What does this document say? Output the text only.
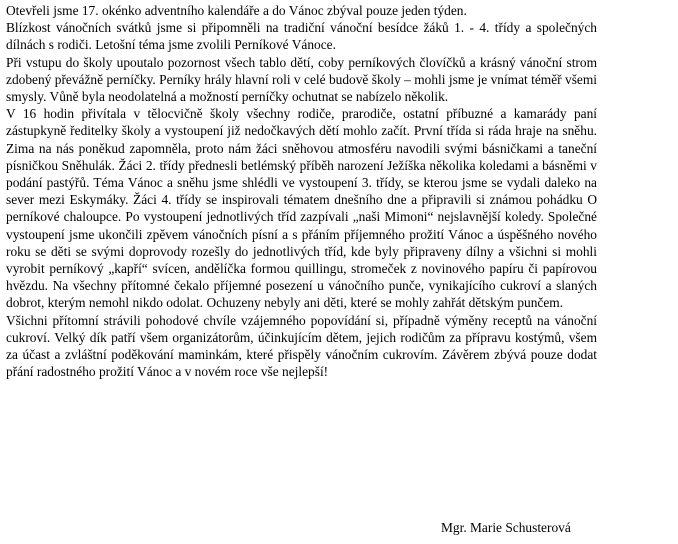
Otevřeli jsme 17. okénko adventního kalendáře a do Vánoc zbýval pouze jeden týden.

Blízkost vánočních svátků jsme si připomněli na tradiční vánoční besídce žáků 1. - 4. třídy a společných dílnách s rodiči. Letošní téma jsme zvolili Perníkové Vánoce.

Při vstupu do školy upoutalo pozornost všech tablo dětí, coby perníkových človíčků a krásný vánoční strom zdobený převážně perníčky. Perníky hrály hlavní roli v celé budově školy – mohli jsme je vnímat téměř všemi smysly. Vůně byla neodolatelná a možností perníčky ochutnat se nabízelo několik.

V 16 hodin přivítala v tělocvičně školy všechny rodiče, prarodiče, ostatní příbuzné a kamarády paní zástupkyně ředitelky školy a vystoupení již nedočkavých dětí mohlo začít. První třída si ráda hraje na sněhu. Zima na nás poněkud zapomněla, proto nám žáci sněhovou atmosféru navodili svými básničkami a taneční písničkou Sněhulák. Žáci 2. třídy přednesli betlémský příběh narození Ježíška několika koledami a básněmi v podání pastýřů. Téma Vánoc a sněhu jsme shlédli ve vystoupení 3. třídy, se kterou jsme se vydali daleko na sever mezi Eskymáky. Žáci 4. třídy se inspirovali tématem dnešního dne a připravili si známou pohádku O perníkové chaloupce. Po vystoupení jednotlivých tříd zazpívali „naši Mimoni“ nejslavnější koledy. Společné vystoupení jsme ukončili zpěvem vánočních písní a s přáním příjemného prožití Vánoc a úspěšného nového roku se děti se svými doprovody rozešly do jednotlivých tříd, kde byly připraveny dílny a všichni si mohli vyrobit perníkový „kapří“ svícen, andělíčka formou quillingu, stromeček z novinového papíru či papírovou hvězdu. Na všechny přítomné čekalo příjemné posezení u vánočního punče, vynikajícího cukroví a slaných dobrot, kterým nemohl nikdo odolat. Ochuzeny nebyly ani děti, které se mohly zahřát dětským punčem.

Všichni přítomní strávili pohodové chvíle vzájemného popovídání si, případně výměny receptů na vánoční cukroví. Velký dík patří všem organizátorům, účinkujícím dětem, jejich rodičům za přípravu kostýmů, všem za účast a zvláštní poděkování maminkám, které přispěly vánočním cukrovím. Závěrem zbývá pouze dodat přání radostného prožití Vánoc a v novém roce vše nejlepší!

Mgr. Marie Schusterová
